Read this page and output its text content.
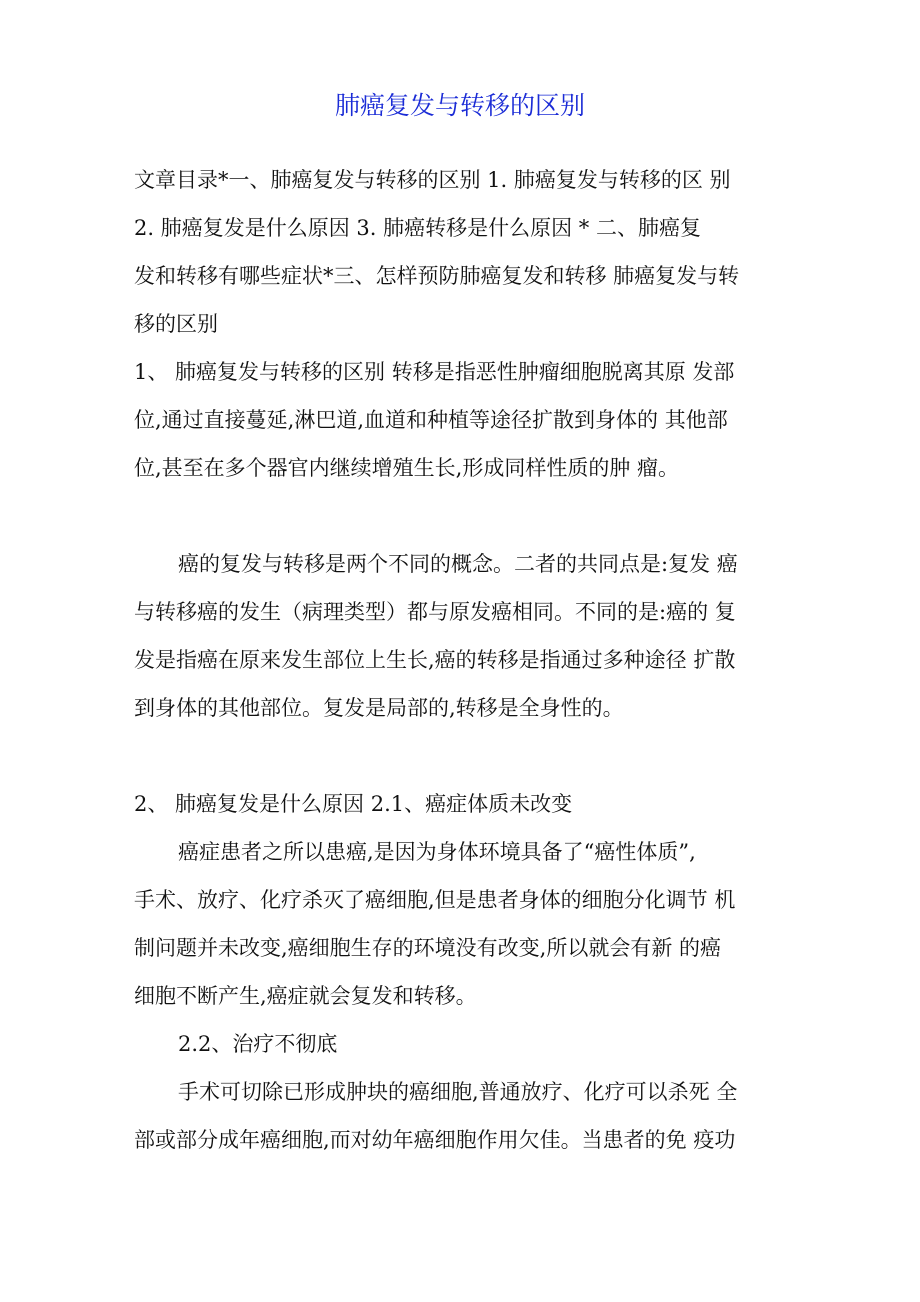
肺癌复发与转移的区别
文章目录*一、肺癌复发与转移的区别 1. 肺癌复发与转移的区 别
2. 肺癌复发是什么原因 3. 肺癌转移是什么原因 * 二、肺癌复
发和转移有哪些症状*三、怎样预防肺癌复发和转移 肺癌复发与转
移的区别
1、 肺癌复发与转移的区别 转移是指恶性肿瘤细胞脱离其原 发部
位,通过直接蔓延,淋巴道,血道和种植等途径扩散到身体的 其他部
位,甚至在多个器官内继续增殖生长,形成同样性质的肿 瘤。
癌的复发与转移是两个不同的概念。二者的共同点是:复发 癌
与转移癌的发生（病理类型）都与原发癌相同。不同的是:癌的 复
发是指癌在原来发生部位上生长,癌的转移是指通过多种途径 扩散
到身体的其他部位。复发是局部的,转移是全身性的。
2、 肺癌复发是什么原因 2.1、癌症体质未改变
癌症患者之所以患癌,是因为身体环境具备了“癌性体质”,
手术、放疗、化疗杀灭了癌细胞,但是患者身体的细胞分化调节 机
制问题并未改变,癌细胞生存的环境没有改变,所以就会有新 的癌
细胞不断产生,癌症就会复发和转移。
2.2、治疗不彻底
手术可切除已形成肿块的癌细胞,普通放疗、化疗可以杀死 全
部或部分成年癌细胞,而对幼年癌细胞作用欠佳。当患者的免 疫功
